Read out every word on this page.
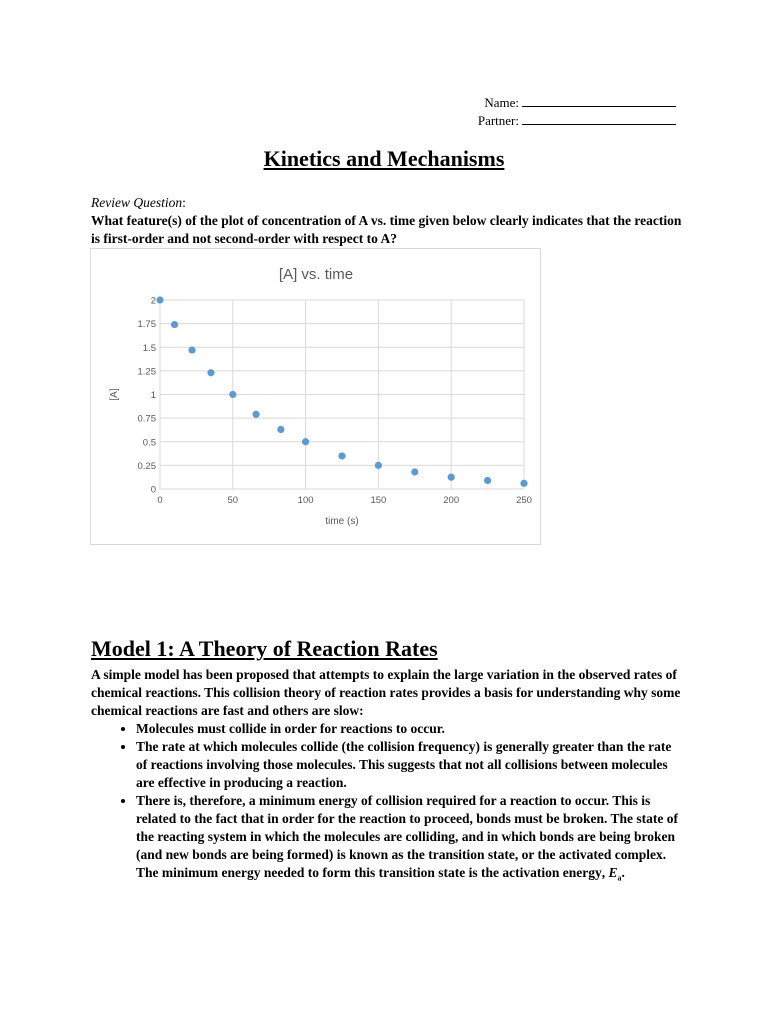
Name:
Partner:
Kinetics and Mechanisms
Review Question:
What feature(s) of the plot of concentration of A vs. time given below clearly indicates that the reaction is first-order and not second-order with respect to A?
[A] vs. time
0
0.25
0.5
0.75
1
1.25
1.5
1.75
2
0	50	100	150	200	250
time (s)
[A]
Model 1: A Theory of Reaction Rates

A simple model has been proposed that attempts to explain the large variation in the observed rates of chemical reactions. This collision theory of reaction rates provides a basis for understanding why some chemical reactions are fast and others are slow:

• Molecules must collide in order for reactions to occur.
• The rate at which molecules collide (the collision frequency) is generally greater than the rate of reactions involving those molecules. This suggests that not all collisions between molecules are effective in producing a reaction.
• There is, therefore, a minimum energy of collision required for a reaction to occur. This is related to the fact that in order for the reaction to proceed, bonds must be broken. The state of the reacting system in which the molecules are colliding, and in which bonds are being broken (and new bonds are being formed) is known as the transition state, or the activated complex. The minimum energy needed to form this transition state is the activation energy, $E_a$.
